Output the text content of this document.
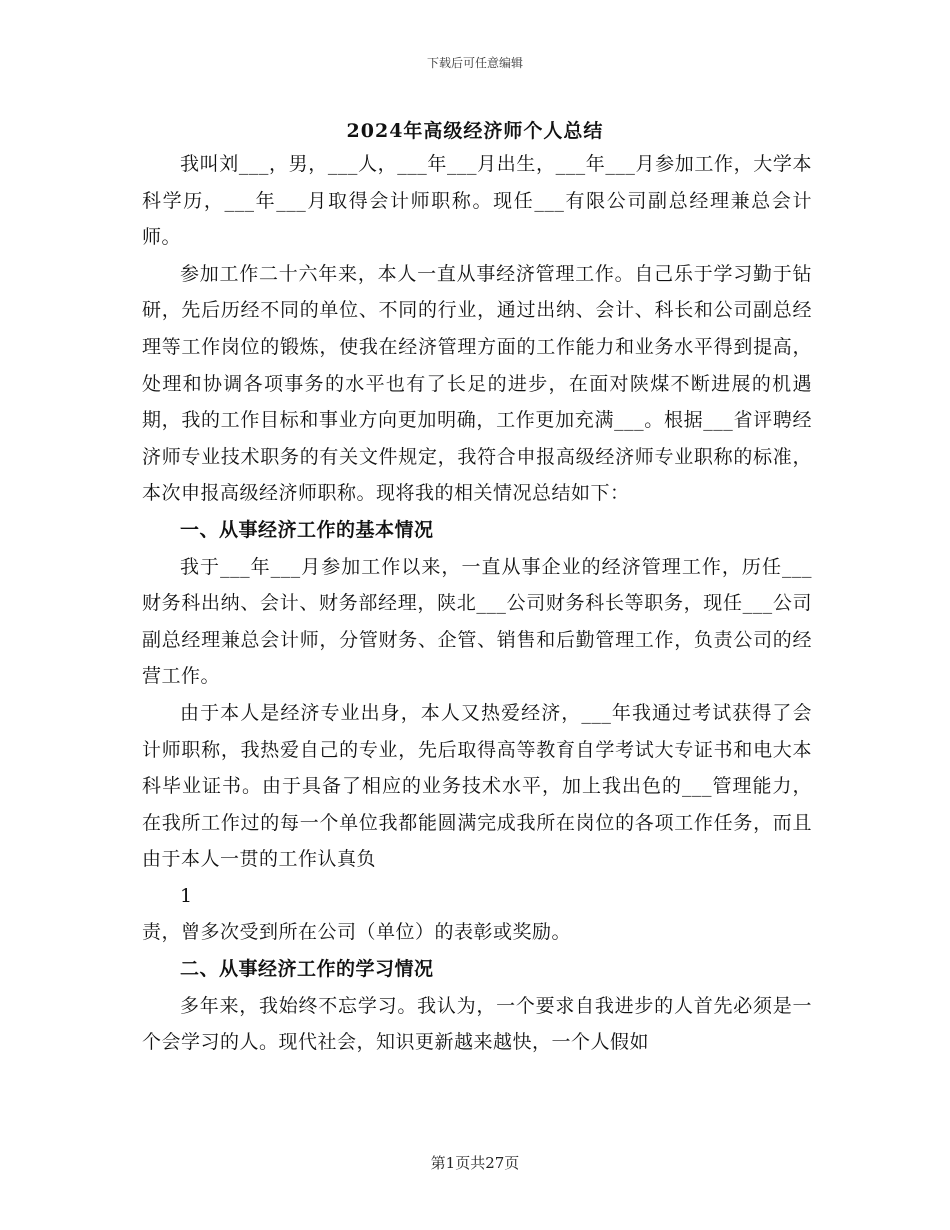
下载后可任意编辑
2024年高级经济师个人总结

我叫刘___，男，___人，___年___月出生，___年___月参加工作，大学本科学历，___年___月取得会计师职称。现任___有限公司副总经理兼总会计师。

参加工作二十六年来，本人一直从事经济管理工作。自己乐于学习勤于钻研，先后历经不同的单位、不同的行业，通过出纳、会计、科长和公司副总经理等工作岗位的锻炼，使我在经济管理方面的工作能力和业务水平得到提高，处理和协调各项事务的水平也有了长足的进步，在面对陕煤不断进展的机遇期，我的工作目标和事业方向更加明确，工作更加充满___。根据___省评聘经济师专业技术职务的有关文件规定，我符合申报高级经济师专业职称的标准，本次申报高级经济师职称。现将我的相关情况总结如下：

一、从事经济工作的基本情况

我于___年___月参加工作以来，一直从事企业的经济管理工作，历任___财务科出纳、会计、财务部经理，陕北___公司财务科长等职务，现任___公司副总经理兼总会计师，分管财务、企管、销售和后勤管理工作，负责公司的经营工作。

由于本人是经济专业出身，本人又热爱经济，___年我通过考试获得了会计师职称，我热爱自己的专业，先后取得高等教育自学考试大专证书和电大本科毕业证书。由于具备了相应的业务技术水平，加上我出色的___管理能力，在我所工作过的每一个单位我都能圆满完成我所在岗位的各项工作任务，而且由于本人一贯的工作认真负

1

责，曾多次受到所在公司（单位）的表彰或奖励。

二、从事经济工作的学习情况

多年来，我始终不忘学习。我认为，一个要求自我进步的人首先必须是一个会学习的人。现代社会，知识更新越来越快，一个人假如

第1页共27页
